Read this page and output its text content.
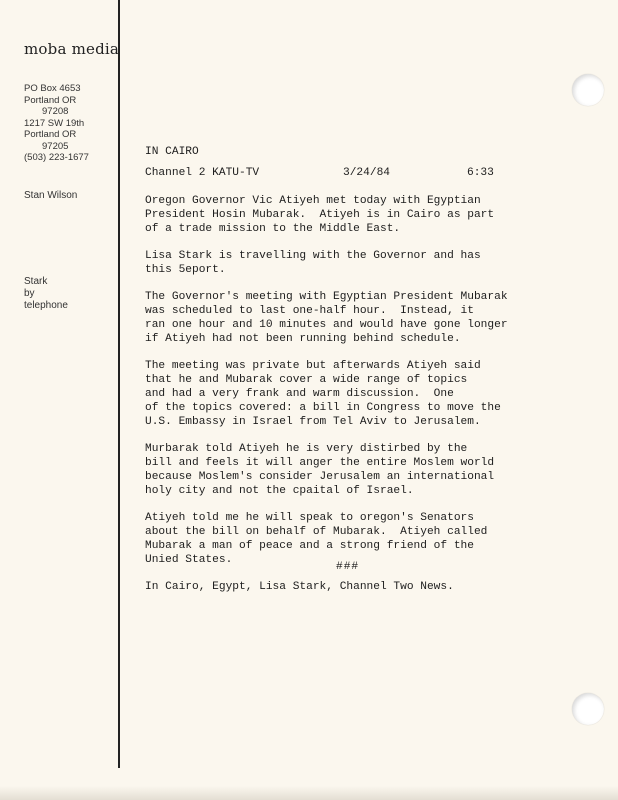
moba media
PO Box 4653
Portland OR
97208
1217 SW 19th
Portland OR
97205
(503) 223-1677
Stan Wilson
Stark
by
telephone
IN CAIRO
Channel 2 KATU-TV	3/24/84	6:33

Oregon Governor Vic Atiyeh met today with Egyptian
President Hosin Mubarak.  Atiyeh is in Cairo as part
of a trade mission to the Middle East.

Lisa Stark is travelling with the Governor and has
this 5eport.

The Governor's meeting with Egyptian President Mubarak
was scheduled to last one-half hour.  Instead, it
ran one hour and 10 minutes and would have gone longer
if Atiyeh had not been running behind schedule.

The meeting was private but afterwards Atiyeh said
that he and Mubarak cover a wide range of topics
and had a very frank and warm discussion.  One
of the topics covered: a bill in Congress to move the
U.S. Embassy in Israel from Tel Aviv to Jerusalem.

Murbarak told Atiyeh he is very distirbed by the
bill and feels it will anger the entire Moslem world
because Moslem's consider Jerusalem an international
holy city and not the cpaital of Israel.

Atiyeh told me he will speak to oregon's Senators
about the bill on behalf of Mubarak.  Atiyeh called
Mubarak a man of peace and a strong friend of the
Unied States.

In Cairo, Egypt, Lisa Stark, Channel Two News.

###
